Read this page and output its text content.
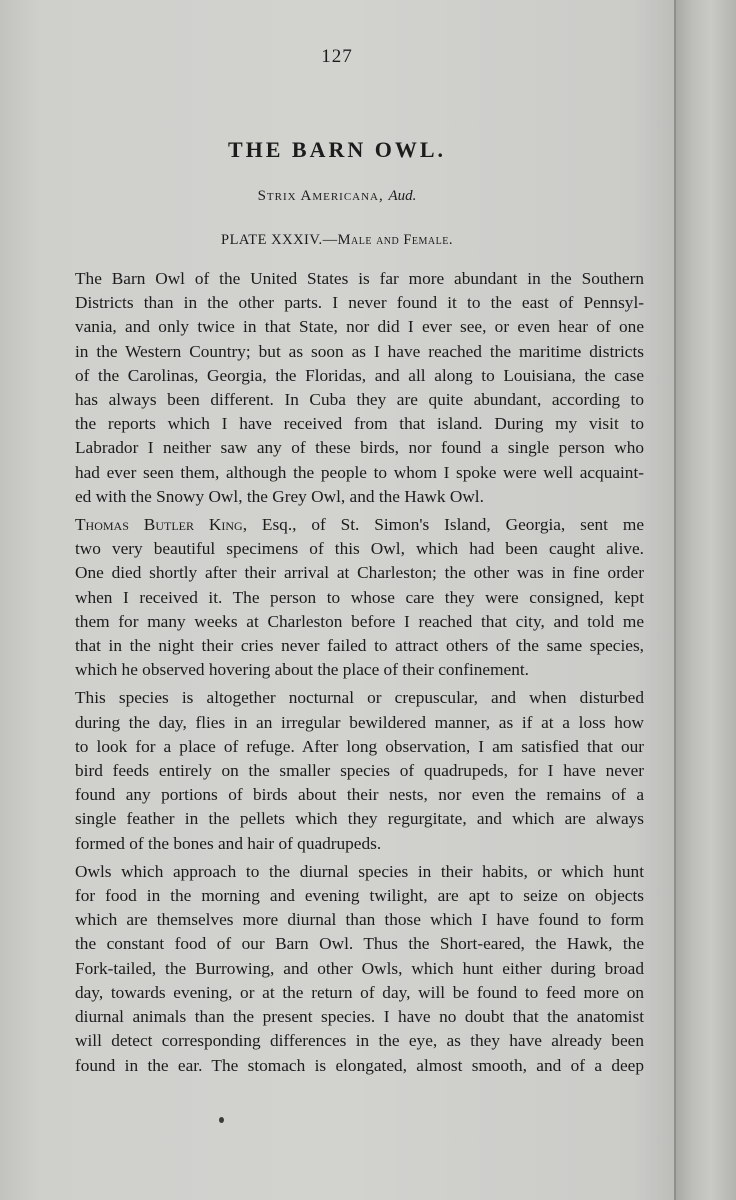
127
THE BARN OWL.
Strix Americana, Aud.
PLATE XXXIV.—Male and Female.
The Barn Owl of the United States is far more abundant in the Southern
Districts than in the other parts. I never found it to the east of Pennsyl-
vania, and only twice in that State, nor did I ever see, or even hear of one
in the Western Country; but as soon as I have reached the maritime districts
of the Carolinas, Georgia, the Floridas, and all along to Louisiana, the case
has always been different. In Cuba they are quite abundant, according to
the reports which I have received from that island. During my visit to
Labrador I neither saw any of these birds, nor found a single person who
had ever seen them, although the people to whom I spoke were well acquaint-
ed with the Snowy Owl, the Grey Owl, and the Hawk Owl.
Thomas Butler King, Esq., of St. Simon's Island, Georgia, sent me
two very beautiful specimens of this Owl, which had been caught alive.
One died shortly after their arrival at Charleston; the other was in fine order
when I received it. The person to whose care they were consigned, kept
them for many weeks at Charleston before I reached that city, and told me
that in the night their cries never failed to attract others of the same species,
which he observed hovering about the place of their confinement.
This species is altogether nocturnal or crepuscular, and when disturbed
during the day, flies in an irregular bewildered manner, as if at a loss how
to look for a place of refuge. After long observation, I am satisfied that our
bird feeds entirely on the smaller species of quadrupeds, for I have never
found any portions of birds about their nests, nor even the remains of a
single feather in the pellets which they regurgitate, and which are always
formed of the bones and hair of quadrupeds.
Owls which approach to the diurnal species in their habits, or which hunt
for food in the morning and evening twilight, are apt to seize on objects
which are themselves more diurnal than those which I have found to form
the constant food of our Barn Owl. Thus the Short-eared, the Hawk, the
Fork-tailed, the Burrowing, and other Owls, which hunt either during broad
day, towards evening, or at the return of day, will be found to feed more on
diurnal animals than the present species. I have no doubt that the anatomist
will detect corresponding differences in the eye, as they have already been
found in the ear. The stomach is elongated, almost smooth, and of a deep
